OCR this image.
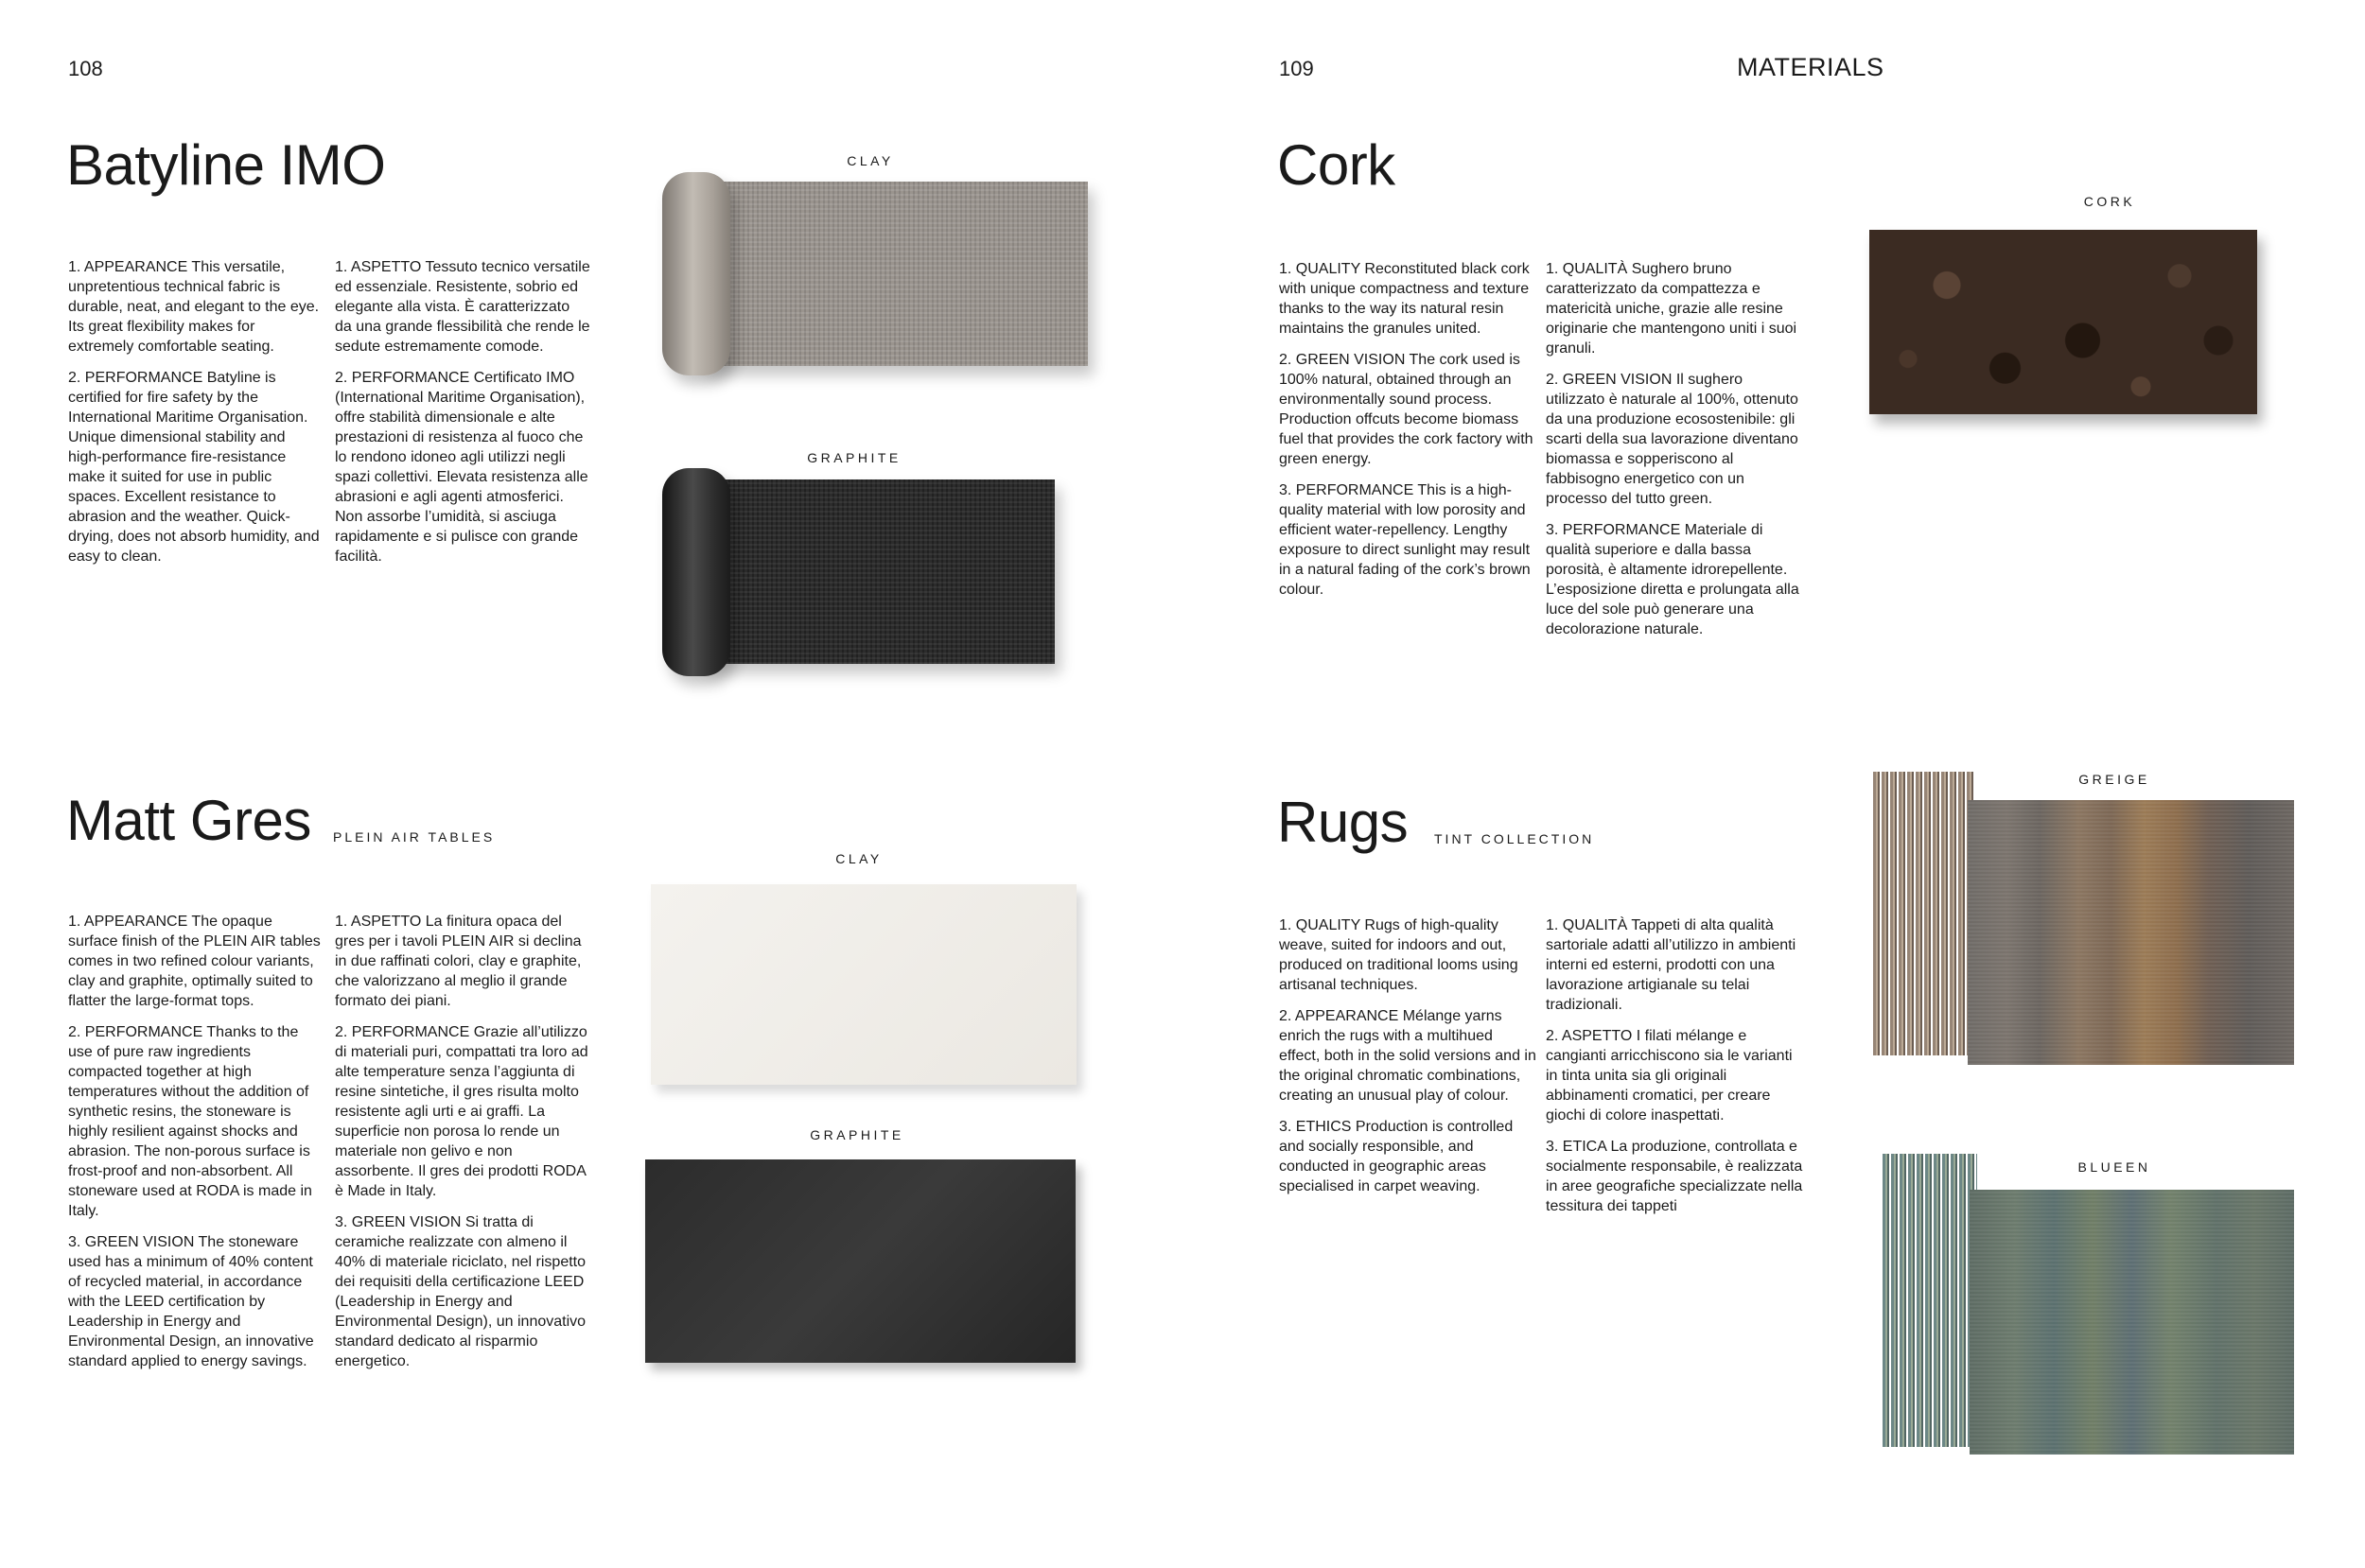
108
Batyline IMO

1. APPEARANCE This versatile, unpretentious technical fabric is durable, neat, and elegant to the eye. Its great flexibility makes for extremely comfortable seating.

2. PERFORMANCE Batyline is certified for fire safety by the International Maritime Organisation. Unique dimensional stability and high-performance fire-resistance make it suited for use in public spaces. Excellent resistance to abrasion and the weather. Quick-drying, does not absorb humidity, and easy to clean.

1. ASPETTO Tessuto tecnico versatile ed essenziale. Resistente, sobrio ed elegante alla vista. È caratterizzato da una grande flessibilità che rende le sedute estremamente comode.

2. PERFORMANCE Certificato IMO (International Maritime Organisation), offre stabilità dimensionale e alte prestazioni di resistenza al fuoco che lo rendono idoneo agli utilizzi negli spazi collettivi. Elevata resistenza alle abrasioni e agli agenti atmosferici. Non assorbe l’umidità, si asciuga rapidamente e si pulisce con grande facilità.

CLAY
GRAPHITE
Matt Gres PLEIN AIR TABLES

1. APPEARANCE The opaque surface finish of the PLEIN AIR tables comes in two refined colour variants, clay and graphite, optimally suited to flatter the large-format tops.

2. PERFORMANCE Thanks to the use of pure raw ingredients compacted together at high temperatures without the addition of synthetic resins, the stoneware is highly resilient against shocks and abrasion. The non-porous surface is frost-proof and non-absorbent. All stoneware used at RODA is made in Italy.

3. GREEN VISION The stoneware used has a minimum of 40% content of recycled material, in accordance with the LEED certification by Leadership in Energy and Environmental Design, an innovative standard applied to energy savings.

1. ASPETTO La finitura opaca del gres per i tavoli PLEIN AIR si declina in due raffinati colori, clay e graphite, che valorizzano al meglio il grande formato dei piani.

2. PERFORMANCE Grazie all’utilizzo di materiali puri, compattati tra loro ad alte temperature senza l’aggiunta di resine sintetiche, il gres risulta molto resistente agli urti e ai graffi. La superficie non porosa lo rende un materiale non gelivo e non assorbente. Il gres dei prodotti RODA è Made in Italy.

3. GREEN VISION Si tratta di ceramiche realizzate con almeno il 40% di materiale riciclato, nel rispetto dei requisiti della certificazione LEED (Leadership in Energy and Environmental Design), un innovativo standard dedicato al risparmio energetico.

CLAY
GRAPHITE
109	MATERIALS
Cork

1. QUALITY Reconstituted black cork with unique compactness and texture thanks to the way its natural resin maintains the granules united.

2. GREEN VISION The cork used is 100% natural, obtained through an environmentally sound process. Production offcuts become biomass fuel that provides the cork factory with green energy.

3. PERFORMANCE This is a high-quality material with low porosity and efficient water-repellency. Lengthy exposure to direct sunlight may result in a natural fading of the cork’s brown colour.

1. QUALITÀ Sughero bruno caratterizzato da compattezza e matericità uniche, grazie alle resine originarie che mantengono uniti i suoi granuli.

2. GREEN VISION Il sughero utilizzato è naturale al 100%, ottenuto da una produzione ecosostenibile: gli scarti della sua lavorazione diventano biomassa e sopperiscono al fabbisogno energetico con un processo del tutto green.

3. PERFORMANCE Materiale di qualità superiore e dalla bassa porosità, è altamente idrorepellente. L’esposizione diretta e prolungata alla luce del sole può generare una decolorazione naturale.

CORK
Rugs TINT COLLECTION

1. QUALITY Rugs of high-quality weave, suited for indoors and out, produced on traditional looms using artisanal techniques.

2. APPEARANCE Mélange yarns enrich the rugs with a multihued effect, both in the solid versions and in the original chromatic combinations, creating an unusual play of colour.

3. ETHICS Production is controlled and socially responsible, and conducted in geographic areas specialised in carpet weaving.

1. QUALITÀ Tappeti di alta qualità sartoriale adatti all’utilizzo in ambienti interni ed esterni, prodotti con una lavorazione artigianale su telai tradizionali.

2. ASPETTO I filati mélange e cangianti arricchiscono sia le varianti in tinta unita sia gli originali abbinamenti cromatici, per creare giochi di colore inaspettati.

3. ETICA La produzione, controllata e socialmente responsabile, è realizzata in aree geografiche specializzate nella tessitura dei tappeti

GREIGE
BLUEEN
